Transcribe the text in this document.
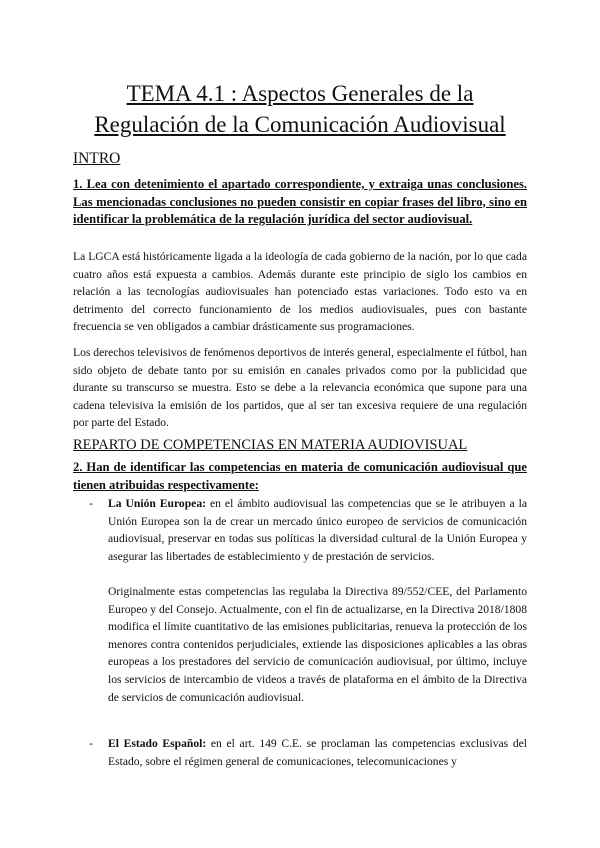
TEMA 4.1 : Aspectos Generales de la
Regulación de la Comunicación Audiovisual
INTRO
1. Lea con detenimiento el apartado correspondiente, y extraiga unas conclusiones. Las mencionadas conclusiones no pueden consistir en copiar frases del libro, sino en identificar la problemática de la regulación jurídica del sector audiovisual.

La LGCA está históricamente ligada a la ideología de cada gobierno de la nación, por lo que cada cuatro años está expuesta a cambios. Además durante este principio de siglo los cambios en relación a las tecnologías audiovisuales han potenciado estas variaciones. Todo esto va en detrimento del correcto funcionamiento de los medios audiovisuales, pues con bastante frecuencia se ven obligados a cambiar drásticamente sus programaciones.

Los derechos televisivos de fenómenos deportivos de interés general, especialmente el fútbol, han sido objeto de debate tanto por su emisión en canales privados como por la publicidad que durante su transcurso se muestra. Esto se debe a la relevancia económica que supone para una cadena televisiva la emisión de los partidos, que al ser tan excesiva requiere de una regulación por parte del Estado.

REPARTO DE COMPETENCIAS EN MATERIA AUDIOVISUAL
2. Han de identificar las competencias en materia de comunicación audiovisual que tienen atribuidas respectivamente:
- La Unión Europea: en el ámbito audiovisual las competencias que se le atribuyen a la Unión Europea son la de crear un mercado único europeo de servicios de comunicación audiovisual, preservar en todas sus políticas la diversidad cultural de la Unión Europea y asegurar las libertades de establecimiento y de prestación de servicios.

Originalmente estas competencias las regulaba la Directiva 89/552/CEE, del Parlamento Europeo y del Consejo. Actualmente, con el fin de actualizarse, en la Directiva 2018/1808 modifica el límite cuantitativo de las emisiones publicitarias, renueva la protección de los menores contra contenidos perjudiciales, extiende las disposiciones aplicables a las obras europeas a los prestadores del servicio de comunicación audiovisual, por último, incluye los servicios de intercambio de videos a través de plataforma en el ámbito de la Directiva de servicios de comunicación audiovisual.

- El Estado Español: en el art. 149 C.E. se proclaman las competencias exclusivas del Estado, sobre el régimen general de comunicaciones, telecomunicaciones y
